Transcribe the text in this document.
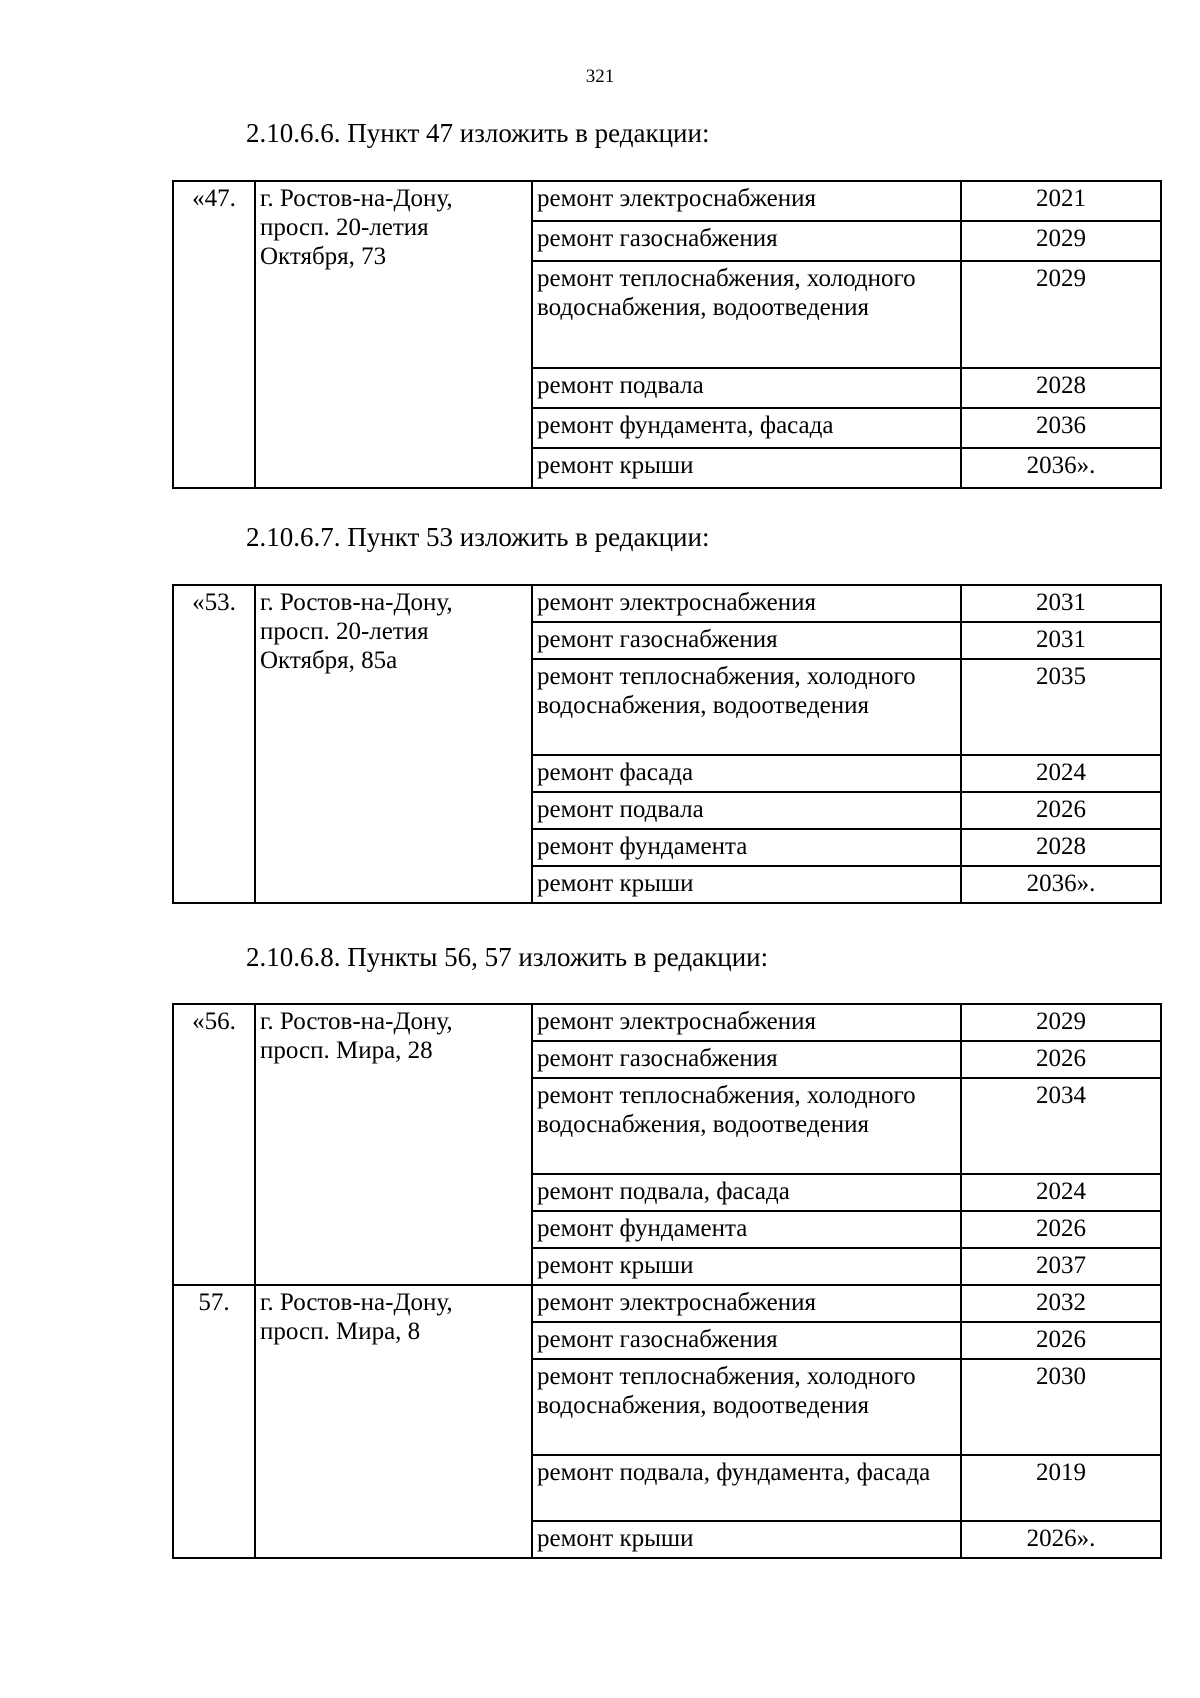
321
2.10.6.6. Пункт 47 изложить в редакции:
«47.	г. Ростов-на-Дону, просп. 20-летия Октября, 73	ремонт электроснабжения	2021
		ремонт газоснабжения	2029
		ремонт теплоснабжения, холодного водоснабжения, водоотведения	2029
		ремонт подвала	2028
		ремонт фундамента, фасада	2036
		ремонт крыши	2036».
2.10.6.7. Пункт 53 изложить в редакции:
«53.	г. Ростов-на-Дону, просп. 20-летия Октября, 85а	ремонт электроснабжения	2031
		ремонт газоснабжения	2031
		ремонт теплоснабжения, холодного водоснабжения, водоотведения	2035
		ремонт фасада	2024
		ремонт подвала	2026
		ремонт фундамента	2028
		ремонт крыши	2036».
2.10.6.8. Пункты 56, 57 изложить в редакции:
«56.	г. Ростов-на-Дону, просп. Мира, 28	ремонт электроснабжения	2029
		ремонт газоснабжения	2026
		ремонт теплоснабжения, холодного водоснабжения, водоотведения	2034
		ремонт подвала, фасада	2024
		ремонт фундамента	2026
		ремонт крыши	2037
57.	г. Ростов-на-Дону, просп. Мира, 8	ремонт электроснабжения	2032
		ремонт газоснабжения	2026
		ремонт теплоснабжения, холодного водоснабжения, водоотведения	2030
		ремонт подвала, фундамента, фасада	2019
		ремонт крыши	2026».
